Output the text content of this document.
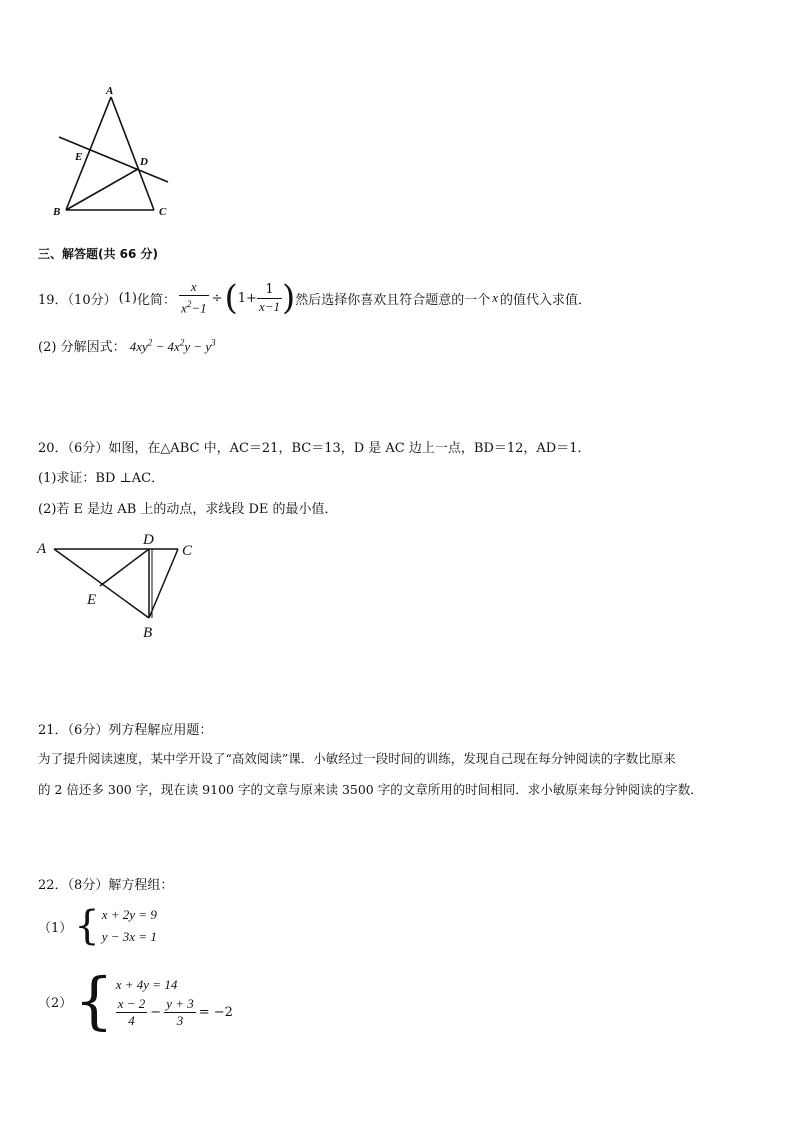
A
E	D
B	C
三、解答题(共 66 分)
19．（10分） (1) 化简： $\frac{x}{x^2-1}$ ÷ ( $1+ \frac{1}{x-1}$ ) 然后选择你喜欢且符合题意的一个 x 的值代入求值．
(2) 分解因式： $4xy^2 - 4x^2y - y^3$
20．（6分）如图，在△ABC 中，AC＝21，BC＝13，D 是 AC 边上一点，BD＝12，AD＝1．
(1)求证：BD ⊥AC．
(2)若 E 是边 AB 上的动点，求线段 DE 的最小值．
A
D
C
E
B
21．（6分）列方程解应用题：
为了提升阅读速度，某中学开设了“高效阅读”课．小敏经过一段时间的训练，发现自己现在每分钟阅读的字数比原来
的 2 倍还多 300 字，现在读 9100 字的文章与原来读 3500 字的文章所用的时间相同．求小敏原来每分钟阅读的字数．
22．（8分）解方程组：
（1） { x + 2y = 9
y − 3x = 1
（2） { x + 4y = 14
$\frac{x - 2}{4} - \frac{y + 3}{3} = -2$
